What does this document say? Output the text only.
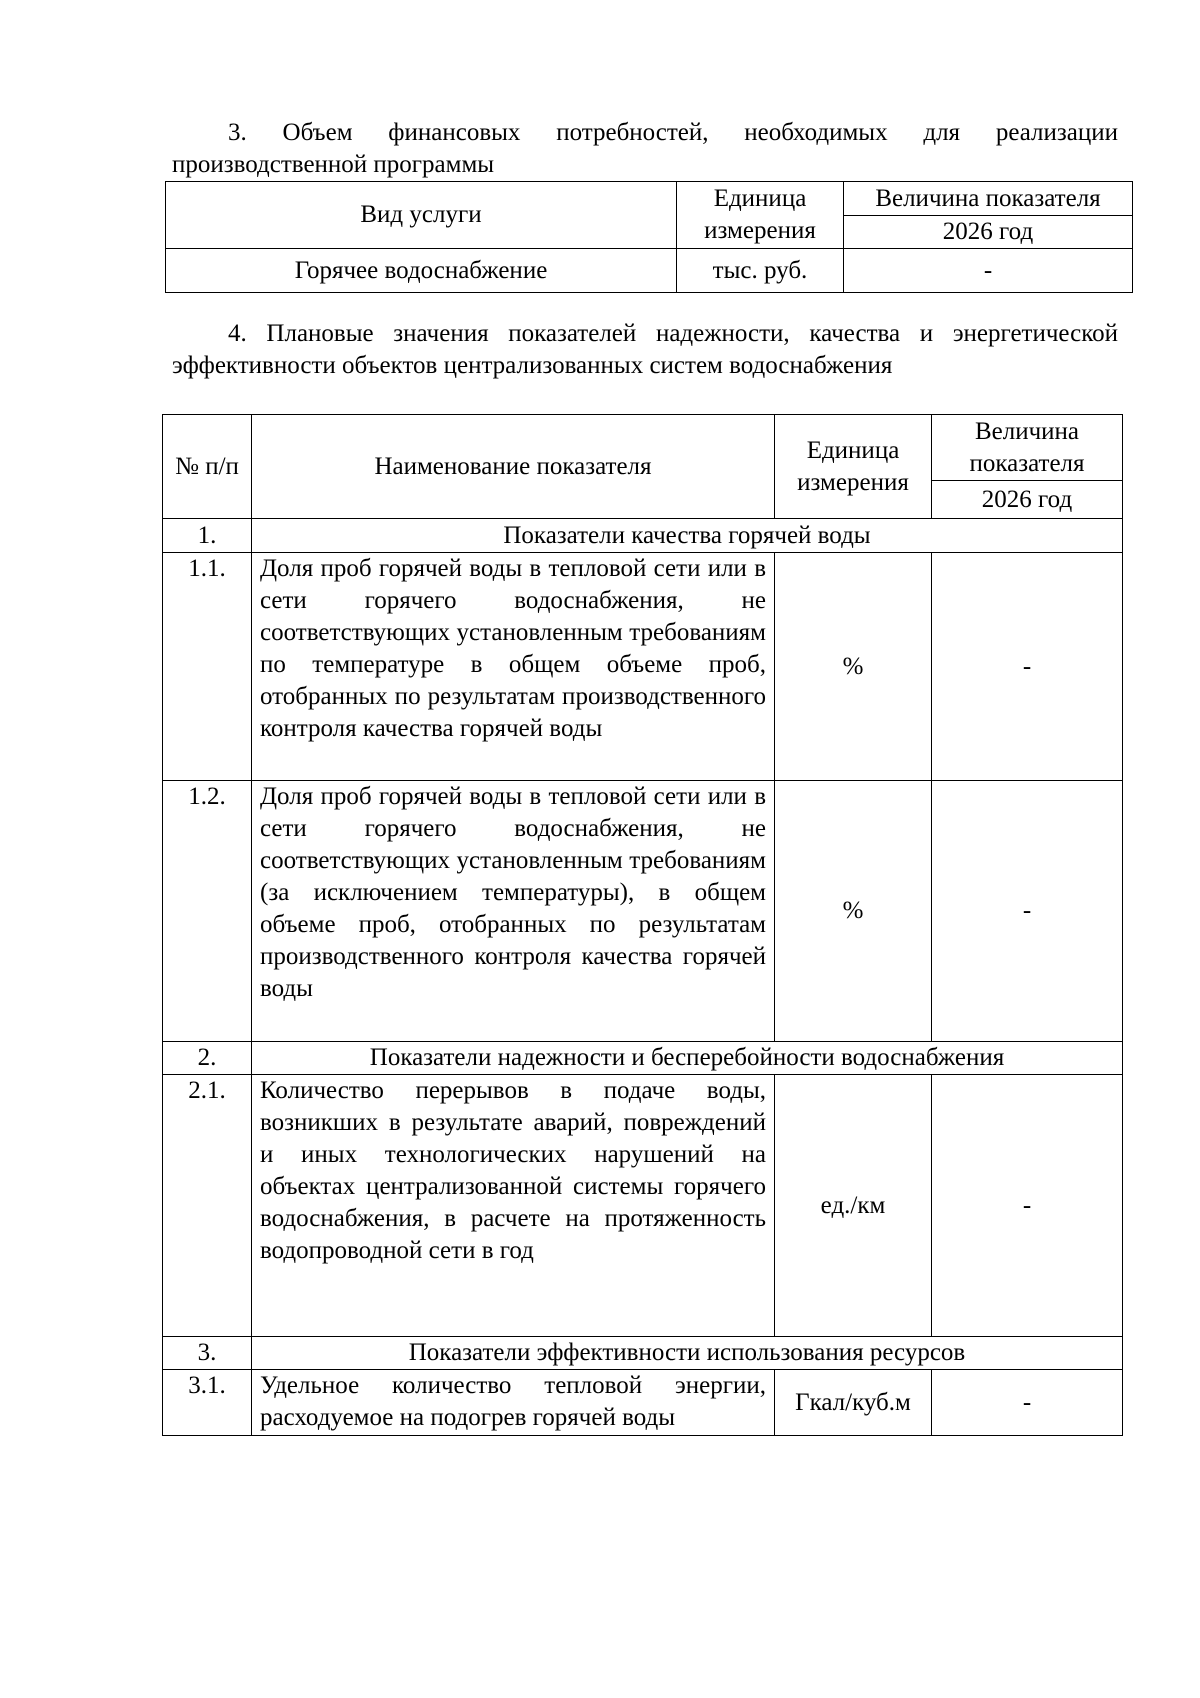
3. Объем финансовых потребностей, необходимых для реализации производственной программы
Вид услуги	Единица измерения	Величина показателя
		2026 год
Горячее водоснабжение	тыс. руб.	-
4. Плановые значения показателей надежности, качества и энергетической эффективности объектов централизованных систем водоснабжения
№ п/п	Наименование показателя	Единица измерения	Величина показателя
			2026 год
1.	Показатели качества горячей воды		
1.1.	Доля проб горячей воды в тепловой сети или в сети горячего водоснабжения, не соответствующих установленным требованиям по температуре в общем объеме проб, отобранных по результатам производственного контроля качества горячей воды	%	-
1.2.	Доля проб горячей воды в тепловой сети или в сети горячего водоснабжения, не соответствующих установленным требованиям (за исключением температуры), в общем объеме проб, отобранных по результатам производственного контроля качества горячей воды	%	-
2.	Показатели надежности и бесперебойности водоснабжения		
2.1.	Количество перерывов в подаче воды, возникших в результате аварий, повреждений и иных технологических нарушений на объектах централизованной системы горячего водоснабжения, в расчете на протяженность водопроводной сети в год	ед./км	-
3.	Показатели эффективности использования ресурсов		
3.1.	Удельное количество тепловой энергии, расходуемое на подогрев горячей воды	Гкал/куб.м	-
